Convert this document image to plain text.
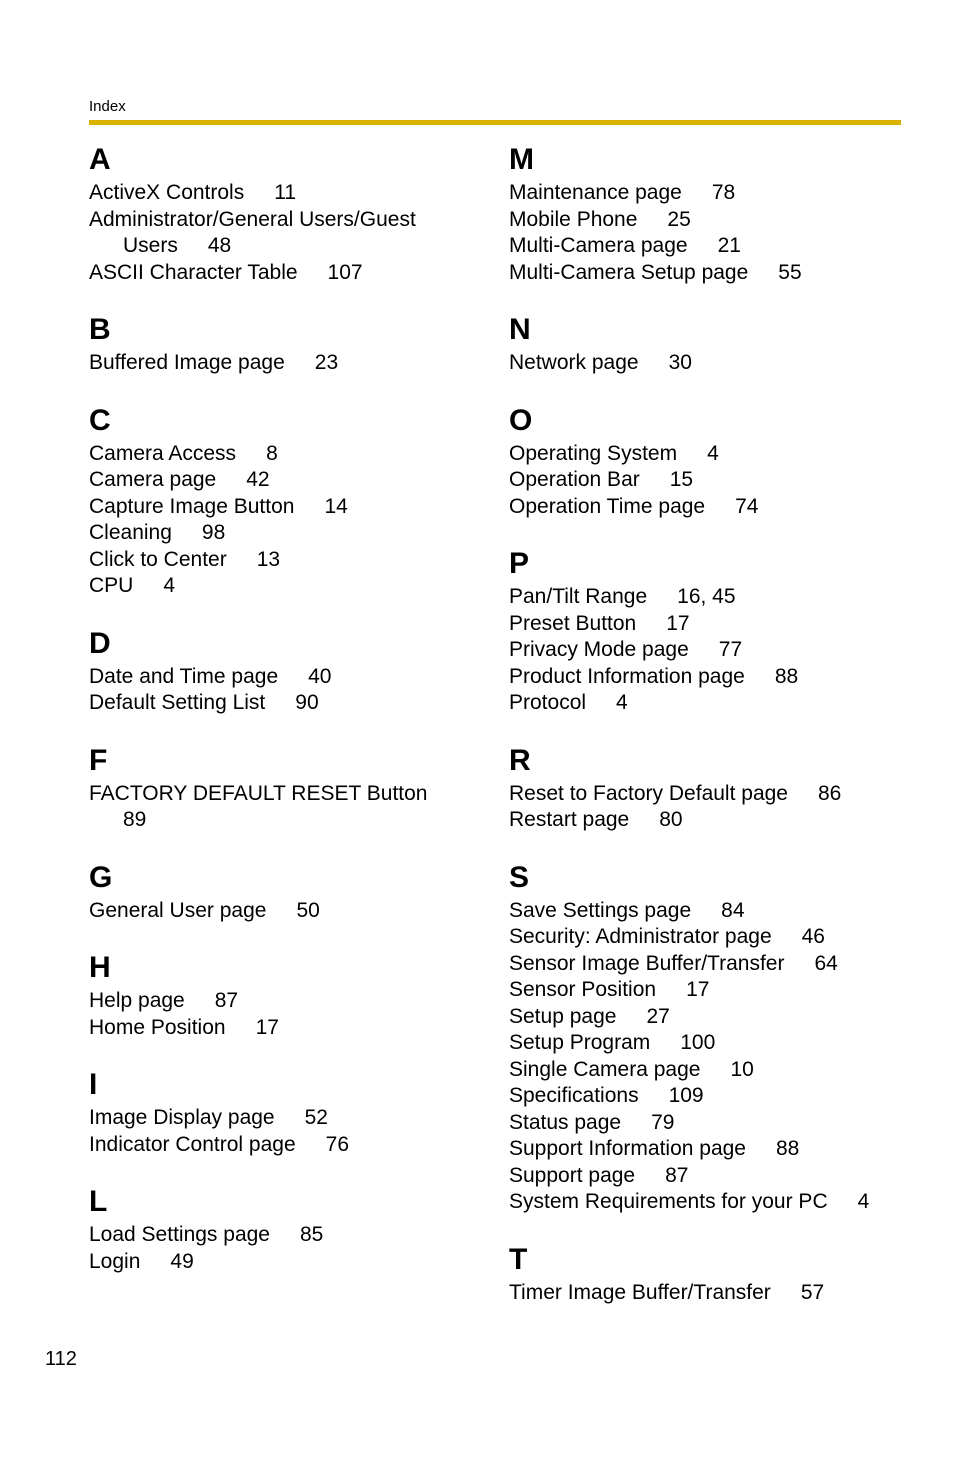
Index
A
ActiveX Controls 11
Administrator/General Users/Guest
Users 48
ASCII Character Table 107
B
Buffered Image page 23
C
Camera Access 8
Camera page 42
Capture Image Button 14
Cleaning 98
Click to Center 13
CPU 4
D
Date and Time page 40
Default Setting List 90
F
FACTORY DEFAULT RESET Button
89
G
General User page 50
H
Help page 87
Home Position 17
I
Image Display page 52
Indicator Control page 76
L
Load Settings page 85
Login 49
M
Maintenance page 78
Mobile Phone 25
Multi-Camera page 21
Multi-Camera Setup page 55
N
Network page 30
O
Operating System 4
Operation Bar 15
Operation Time page 74
P
Pan/Tilt Range 16, 45
Preset Button 17
Privacy Mode page 77
Product Information page 88
Protocol 4
R
Reset to Factory Default page 86
Restart page 80
S
Save Settings page 84
Security: Administrator page 46
Sensor Image Buffer/Transfer 64
Sensor Position 17
Setup page 27
Setup Program 100
Single Camera page 10
Specifications 109
Status page 79
Support Information page 88
Support page 87
System Requirements for your PC 4
T
Timer Image Buffer/Transfer 57
112
